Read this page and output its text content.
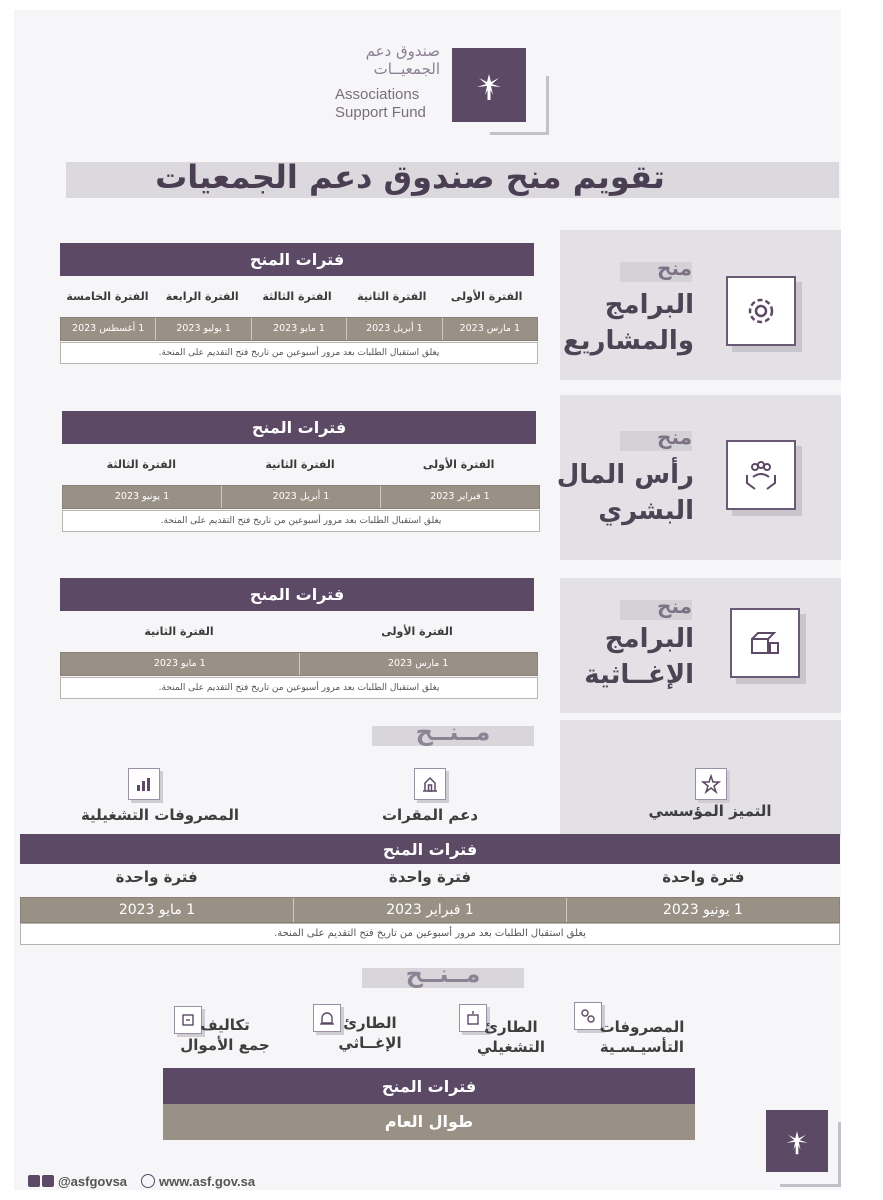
صندوق دعم
الجمعيــات
Associations
Support Fund
تقويم منح صندوق دعم الجمعيات
منح
البرامج
والمشاريع
فترات المنح
الفترة الأولى
الفترة الثانية
الفترة الثالثة
الفترة الرابعة
الفترة الخامسة
1 مارس 2023
1 أبريل 2023
1 مايو 2023
1 يوليو 2023
1 أغسطس 2023
يغلق استقبال الطلبات بعد مرور أسبوعين من تاريخ فتح التقديم على المنحة.
منح
رأس المال
البشري
فترات المنح
الفترة الأولى
الفترة الثانية
الفترة الثالثة
1 فبراير 2023
1 أبريل 2023
1 يونيو 2023
يغلق استقبال الطلبات بعد مرور أسبوعين من تاريخ فتح التقديم على المنحة.
منح
البرامج
الإغــاثية
فترات المنح
الفترة الأولى
الفترة الثانية
1 مارس 2023
1 مايو 2023
يغلق استقبال الطلبات بعد مرور أسبوعين من تاريخ فتح التقديم على المنحة.
مــنــح
التميز المؤسسي
دعم المقرات
المصروفات التشغيلية
فترات المنح
فترة واحدة
فترة واحدة
فترة واحدة
1 يونيو 2023
1 فبراير 2023
1 مايو 2023
يغلق استقبال الطلبات بعد مرور أسبوعين من تاريخ فتح التقديم على المنحة.
مــنــح
المصروفات
التأسيـسـية
الطارئ
التشغيلي
الطارئ
الإغــاثي
تكاليف
جمع الأموال
فترات المنح
طوال العام
@asfgovsa www.asf.gov.sa
